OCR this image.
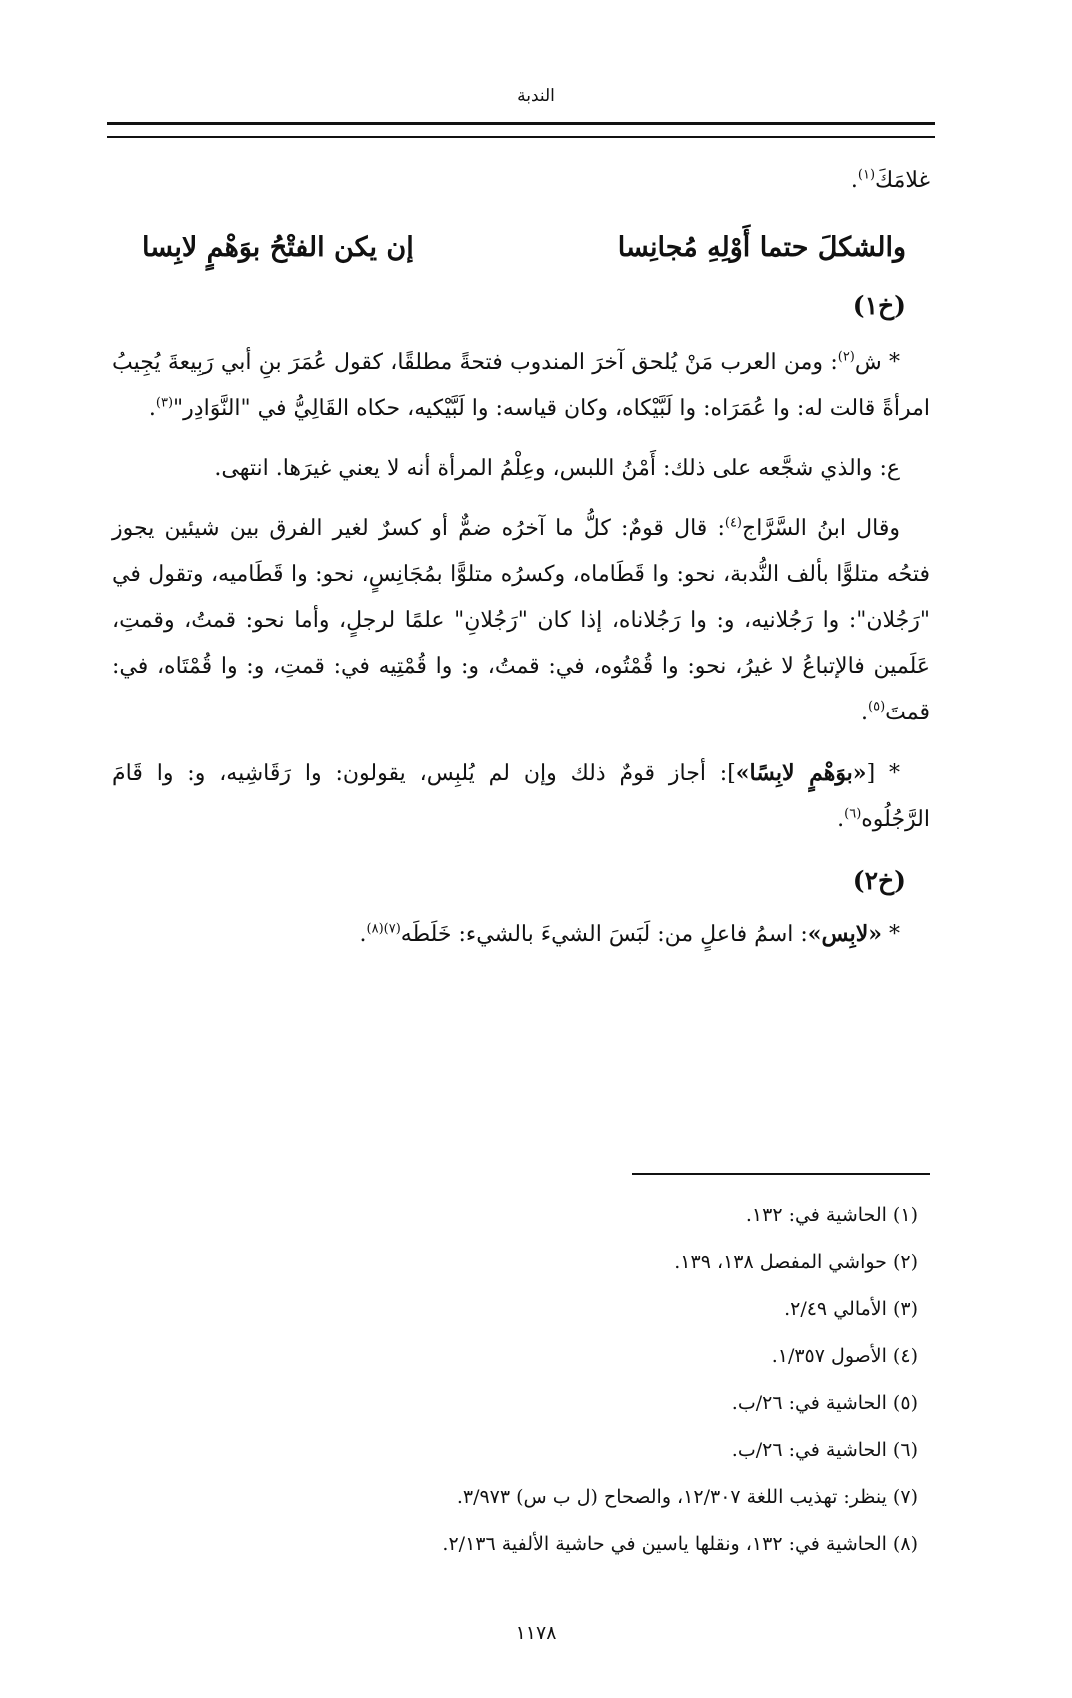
الندبة

غلامَكَ$^{(١)}$.

والشكلَ حتما أَوْلِهِ مُجانِسا
إن يكن الفتْحُ بوَهْمٍ لابِسا
(خ١)

* ش$^{(٢)}$: ومن العرب مَنْ يُلحق آخرَ المندوب فتحةً مطلقًا، كقول عُمَرَ بنِ أبي رَبِيعةَ يُجِيبُ امرأةً قالت له: وا عُمَرَاه: وا لَبَّيْكاه، وكان قياسه: وا لَبَّيْكيه، حكاه القَالِيُّ في "النَّوَادِر"$^{(٣)}$.

ع: والذي شجَّعه على ذلك: أَمْنُ اللبس، وعِلْمُ المرأة أنه لا يعني غيرَها. انتهى.

وقال ابنُ السَّرَّاج$^{(٤)}$: قال قومٌ: كلُّ ما آخرُه ضمٌّ أو كسرٌ لغير الفرق بين شيئين يجوز فتحُه متلوًّا بألف النُّدبة، نحو: وا قَطَاماه، وكسرُه متلوًّا بمُجَانِسٍ، نحو: وا قَطَاميه، وتقول في "رَجُلان": وا رَجُلانيه، و: وا رَجُلاناه، إذا كان "رَجُلانِ" علمًا لرجلٍ، وأما نحو: قمتُ، وقمتِ، عَلَمين فالإتباعُ لا غيرُ، نحو: وا قُمْتُوه، في: قمتُ، و: وا قُمْتِيه في: قمتِ، و: وا قُمْتَاه، في: قمتَ$^{(٥)}$.

* [«بوَهْمٍ لابِسًا»]: أجاز قومٌ ذلك وإن لم يُلبِس، يقولون: وا رَقَاشِيه، و: وا قَامَ الرَّجُلُوه$^{(٦)}$.

(خ٢)

* «لابِس»: اسمُ فاعلٍ من: لَبَسَ الشيءَ بالشيء: خَلَطَه$^{(٧)(٨)}$.

(١) الحاشية في: ١٣٢.
(٢) حواشي المفصل ١٣٨، ١٣٩.
(٣) الأمالي ٢/٤٩.
(٤) الأصول ١/٣٥٧.
(٥) الحاشية في: ٢٦/ب.
(٦) الحاشية في: ٢٦/ب.
(٧) ينظر: تهذيب اللغة ١٢/٣٠٧، والصحاح (ل ب س) ٣/٩٧٣.
(٨) الحاشية في: ١٣٢، ونقلها ياسين في حاشية الألفية ٢/١٣٦.
١١٧٨
